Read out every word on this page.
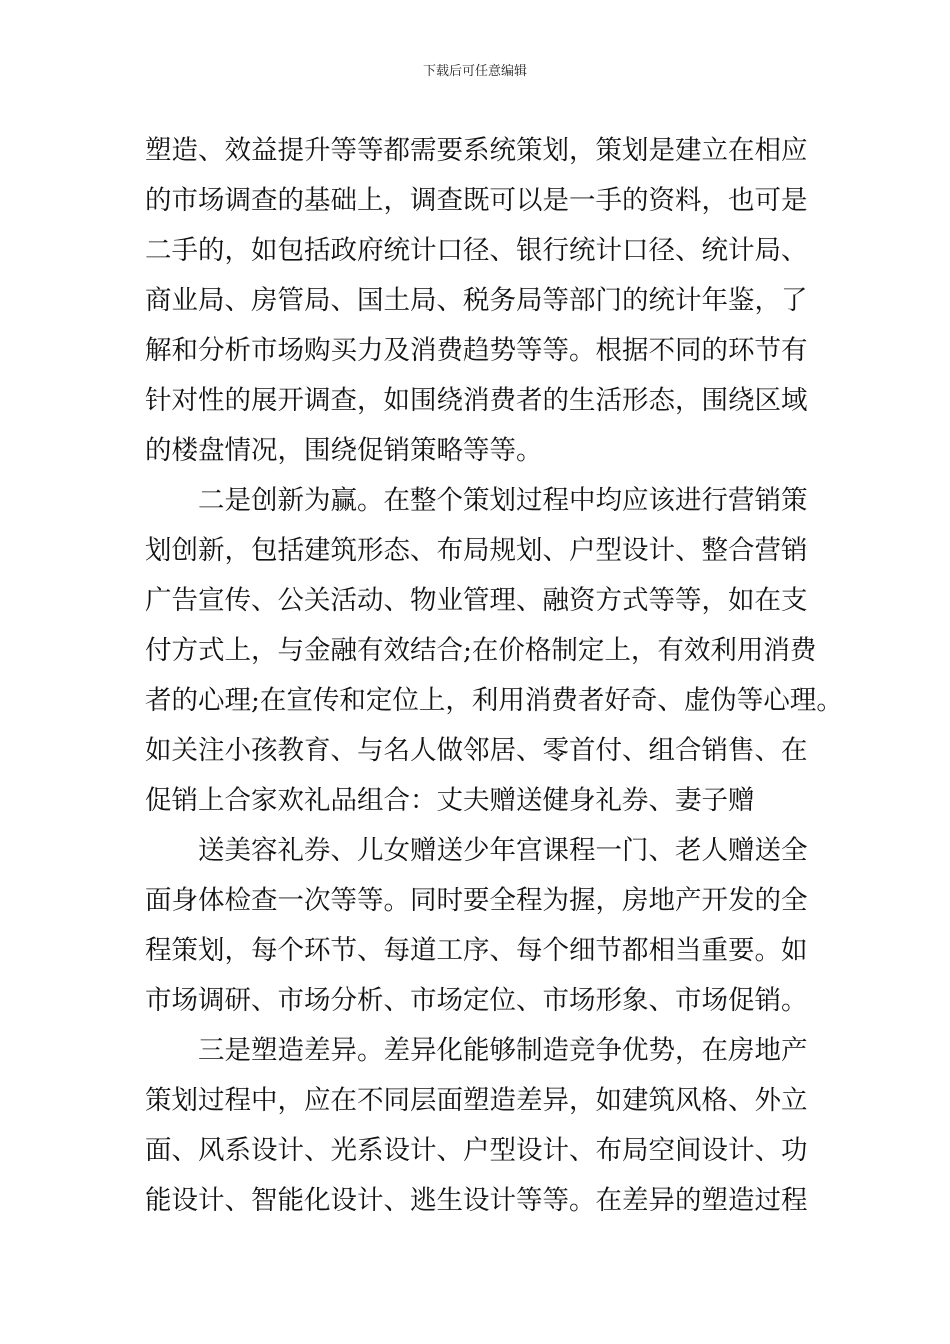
下载后可任意编辑
塑造、效益提升等等都需要系统策划，策划是建立在相应
的市场调查的基础上，调查既可以是一手的资料，也可是
二手的，如包括政府统计口径、银行统计口径、统计局、
商业局、房管局、国土局、税务局等部门的统计年鉴，了
解和分析市场购买力及消费趋势等等。根据不同的环节有
针对性的展开调查，如围绕消费者的生活形态，围绕区域
的楼盘情况，围绕促销策略等等。
二是创新为赢。在整个策划过程中均应该进行营销策
划创新，包括建筑形态、布局规划、户型设计、整合营销
广告宣传、公关活动、物业管理、融资方式等等，如在支
付方式上，与金融有效结合;在价格制定上，有效利用消费
者的心理;在宣传和定位上，利用消费者好奇、虚伪等心理。
如关注小孩教育、与名人做邻居、零首付、组合销售、在
促销上合家欢礼品组合：丈夫赠送健身礼券、妻子赠
送美容礼券、儿女赠送少年宫课程一门、老人赠送全
面身体检查一次等等。同时要全程为握，房地产开发的全
程策划，每个环节、每道工序、每个细节都相当重要。如
市场调研、市场分析、市场定位、市场形象、市场促销。
三是塑造差异。差异化能够制造竞争优势，在房地产
策划过程中，应在不同层面塑造差异，如建筑风格、外立
面、风系设计、光系设计、户型设计、布局空间设计、功
能设计、智能化设计、逃生设计等等。在差异的塑造过程
